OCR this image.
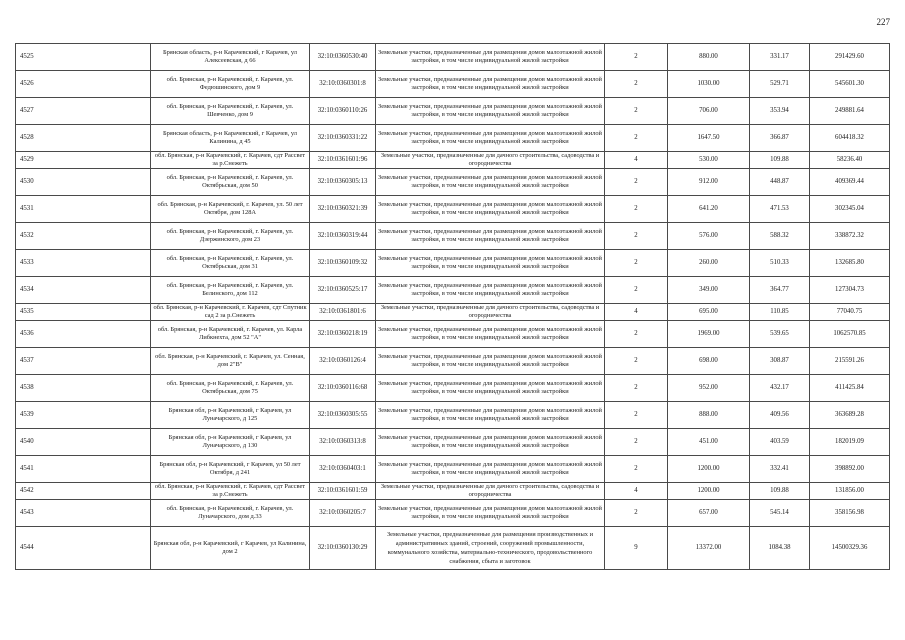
227
4525	Брянская область, р-н Карачевский, г Карачев, ул Алексеевская, д 66	32:10:0360530:40	Земельные участки, предназначенные для размещения домов малоэтажной жилой застройки, в том числе индивидуальной жилой застройки	2	880.00	331.17	291429.60
4526	обл. Брянская, р-н Карачевский, г. Карачев, ул. Федюшинского, дом 9	32:10:0360301:8	Земельные участки, предназначенные для размещения домов малоэтажной жилой застройки, в том числе индивидуальной жилой застройки	2	1030.00	529.71	545601.30
4527	обл. Брянская, р-н Карачевский, г. Карачев, ул. Шевченко, дом 9	32:10:0360110:26	Земельные участки, предназначенные для размещения домов малоэтажной жилой застройки, в том числе индивидуальной жилой застройки	2	706.00	353.94	249881.64
4528	Брянская область, р-н Карачевский, г Карачев, ул Калинина, д 45	32:10:0360331:22	Земельные участки, предназначенные для размещения домов малоэтажной жилой застройки, в том числе индивидуальной жилой застройки	2	1647.50	366.87	604418.32
4529	обл. Брянская, р-н Карачевский, г. Карачев, сдт Рассвет за р.Снежеть	32:10:0361601:96	Земельные участки, предназначенные для дачного строительства, садоводства и огородничества	4	530.00	109.88	58236.40
4530	обл. Брянская, р-н Карачевский, г. Карачев, ул. Октябрьская, дом 50	32:10:0360305:13	Земельные участки, предназначенные для размещения домов малоэтажной жилой застройки, в том числе индивидуальной жилой застройки	2	912.00	448.87	409369.44
4531	обл. Брянская, р-н Карачевский, г. Карачев, ул. 50 лет Октября, дом 128А	32:10:0360321:39	Земельные участки, предназначенные для размещения домов малоэтажной жилой застройки, в том числе индивидуальной жилой застройки	2	641.20	471.53	302345.04
4532	обл. Брянская, р-н Карачевский, г. Карачев, ул. Дзержинского, дом 23	32:10:0360319:44	Земельные участки, предназначенные для размещения домов малоэтажной жилой застройки, в том числе индивидуальной жилой застройки	2	576.00	588.32	338872.32
4533	обл. Брянская, р-н Карачевский, г. Карачев, ул. Октябрьская, дом 31	32:10:0360109:32	Земельные участки, предназначенные для размещения домов малоэтажной жилой застройки, в том числе индивидуальной жилой застройки	2	260.00	510.33	132685.80
4534	обл. Брянская, р-н Карачевский, г. Карачев, ул. Белинского, дом 112	32:10:0360525:17	Земельные участки, предназначенные для размещения домов малоэтажной жилой застройки, в том числе индивидуальной жилой застройки	2	349.00	364.77	127304.73
4535	обл. Брянская, р-н Карачевский, г. Карачев, сдт Спутник сад 2 за р.Снежеть	32:10:0361801:6	Земельные участки, предназначенные для дачного строительства, садоводства и огородничества	4	695.00	110.85	77040.75
4536	обл. Брянская, р-н Карачевский, г. Карачев, ул. Карла Либкнехта, дом 52 "А"	32:10:0360218:19	Земельные участки, предназначенные для размещения домов малоэтажной жилой застройки, в том числе индивидуальной жилой застройки	2	1969.00	539.65	1062570.85
4537	обл. Брянская, р-н Карачевский, г. Карачев, ул. Сенная, дом 2"В"	32:10:0360126:4	Земельные участки, предназначенные для размещения домов малоэтажной жилой застройки, в том числе индивидуальной жилой застройки	2	698.00	308.87	215591.26
4538	обл. Брянская, р-н Карачевский, г. Карачев, ул. Октябрьская, дом 75	32:10:0360116:68	Земельные участки, предназначенные для размещения домов малоэтажной жилой застройки, в том числе индивидуальной жилой застройки	2	952.00	432.17	411425.84
4539	Брянская обл, р-н Карачевский, г Карачев, ул Луначарского, д 125	32:10:0360305:55	Земельные участки, предназначенные для размещения домов малоэтажной жилой застройки, в том числе индивидуальной жилой застройки	2	888.00	409.56	363689.28
4540	Брянская обл, р-н Карачевский, г Карачев, ул Луначарского, д 130	32:10:0360313:8	Земельные участки, предназначенные для размещения домов малоэтажной жилой застройки, в том числе индивидуальной жилой застройки	2	451.00	403.59	182019.09
4541	Брянская обл, р-н Карачевский, г Карачев, ул 50 лет Октября, д 241	32:10:0360403:1	Земельные участки, предназначенные для размещения домов малоэтажной жилой застройки, в том числе индивидуальной жилой застройки	2	1200.00	332.41	398892.00
4542	обл. Брянская, р-н Карачевский, г. Карачев, сдт Рассвет за р.Снежеть	32:10:0361601:59	Земельные участки, предназначенные для дачного строительства, садоводства и огородничества	4	1200.00	109.88	131856.00
4543	обл. Брянская, р-н Карачевский, г. Карачев, ул. Луначарского, дом д.33	32:10:0360205:7	Земельные участки, предназначенные для размещения домов малоэтажной жилой застройки, в том числе индивидуальной жилой застройки	2	657.00	545.14	358156.98
4544	Брянская обл, р-н Карачевский, г Карачев, ул Калинина, дом 2	32:10:0360130:29	Земельные участки, предназначенные для размещения производственных и административных зданий, строений, сооружений промышленности, коммунального хозяйства, материально-технического, продовольственного снабжения, сбыта и заготовок	9	13372.00	1084.38	14500329.36
